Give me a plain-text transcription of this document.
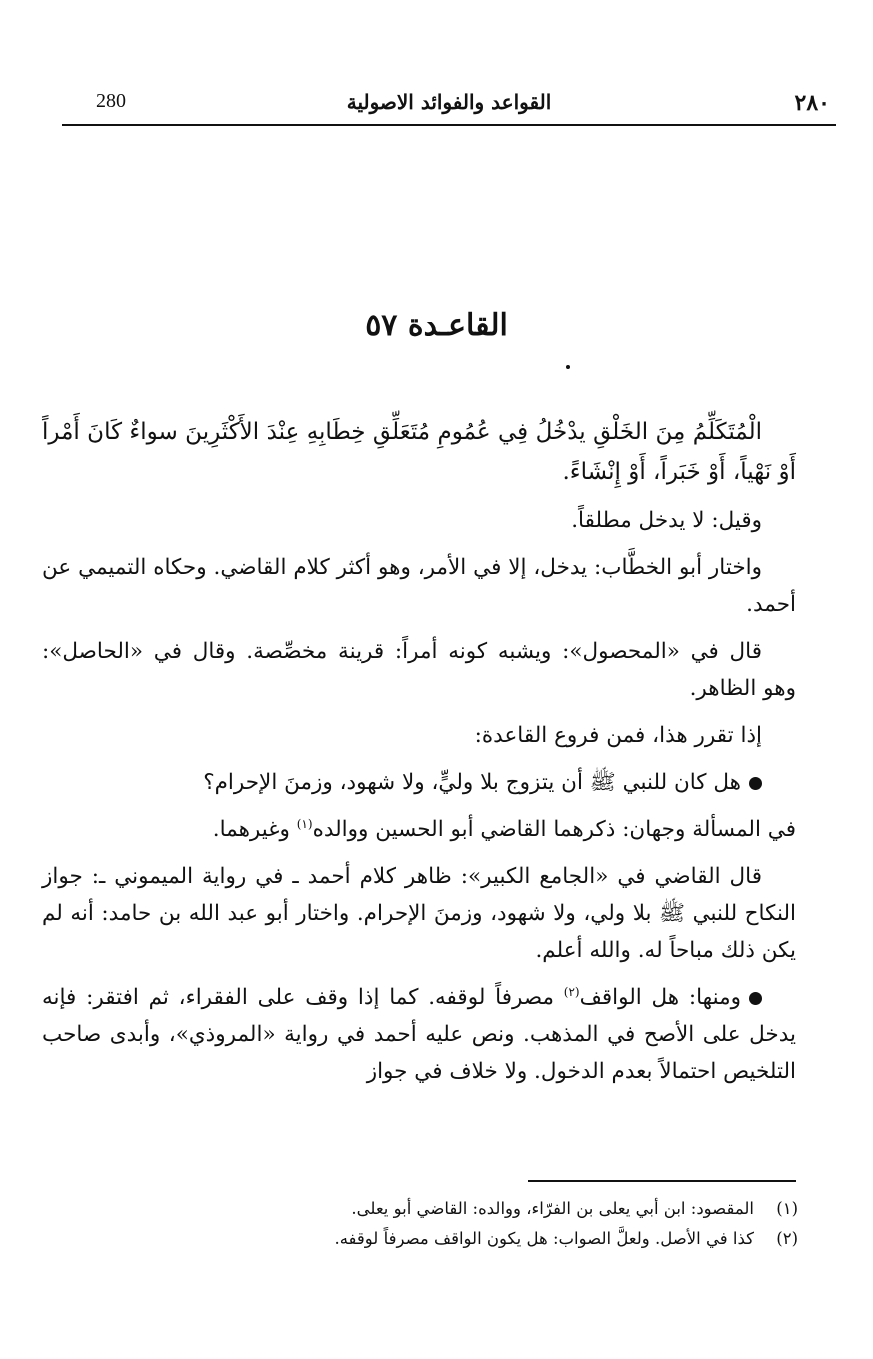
٢٨٠
القواعد والفوائد الاصولية
280
القاعـدة ٥٧

الْمُتَكَلِّمُ مِنَ الخَلْقِ يدْخُلُ فِي عُمُومِ مُتَعَلِّقِ خِطَابِهِ عِنْدَ الأَكْثَرِينَ سواءٌ كَانَ أَمْراً أَوْ نَهْياً، أَوْ خَبَراً، أَوْ إِنْشَاءً.

وقيل: لا يدخل مطلقاً.

واختار أبو الخطَّاب: يدخل، إلا في الأمر، وهو أكثر كلام القاضي. وحكاه التميمي عن أحمد.

قال في «المحصول»: ويشبه كونه أمراً: قرينة مخصِّصة. وقال في «الحاصل»: وهو الظاهر.

إذا تقرر هذا، فمن فروع القاعدة:

هل كان للنبي ﷺ أن يتزوج بلا وليٍّ، ولا شهود، وزمنَ الإحرام؟

في المسألة وجهان: ذكرهما القاضي أبو الحسين ووالده$^{(١)}$ وغيرهما.

قال القاضي في «الجامع الكبير»: ظاهر كلام أحمد ـ في رواية الميموني ـ: جواز النكاح للنبي ﷺ بلا ولي، ولا شهود، وزمنَ الإحرام. واختار أبو عبد الله بن حامد: أنه لم يكن ذلك مباحاً له. والله أعلم.

ومنها: هل الواقف$^{(٢)}$ مصرفاً لوقفه. كما إذا وقف على الفقراء، ثم افتقر: فإنه يدخل على الأصح في المذهب. ونص عليه أحمد في رواية «المروذي»، وأبدى صاحب التلخيص احتمالاً بعدم الدخول. ولا خلاف في جواز

(١)المقصود: ابن أبي يعلى بن الفرّاء، ووالده: القاضي أبو يعلى.
(٢)كذا في الأصل. ولعلَّ الصواب: هل يكون الواقف مصرفاً لوقفه.
